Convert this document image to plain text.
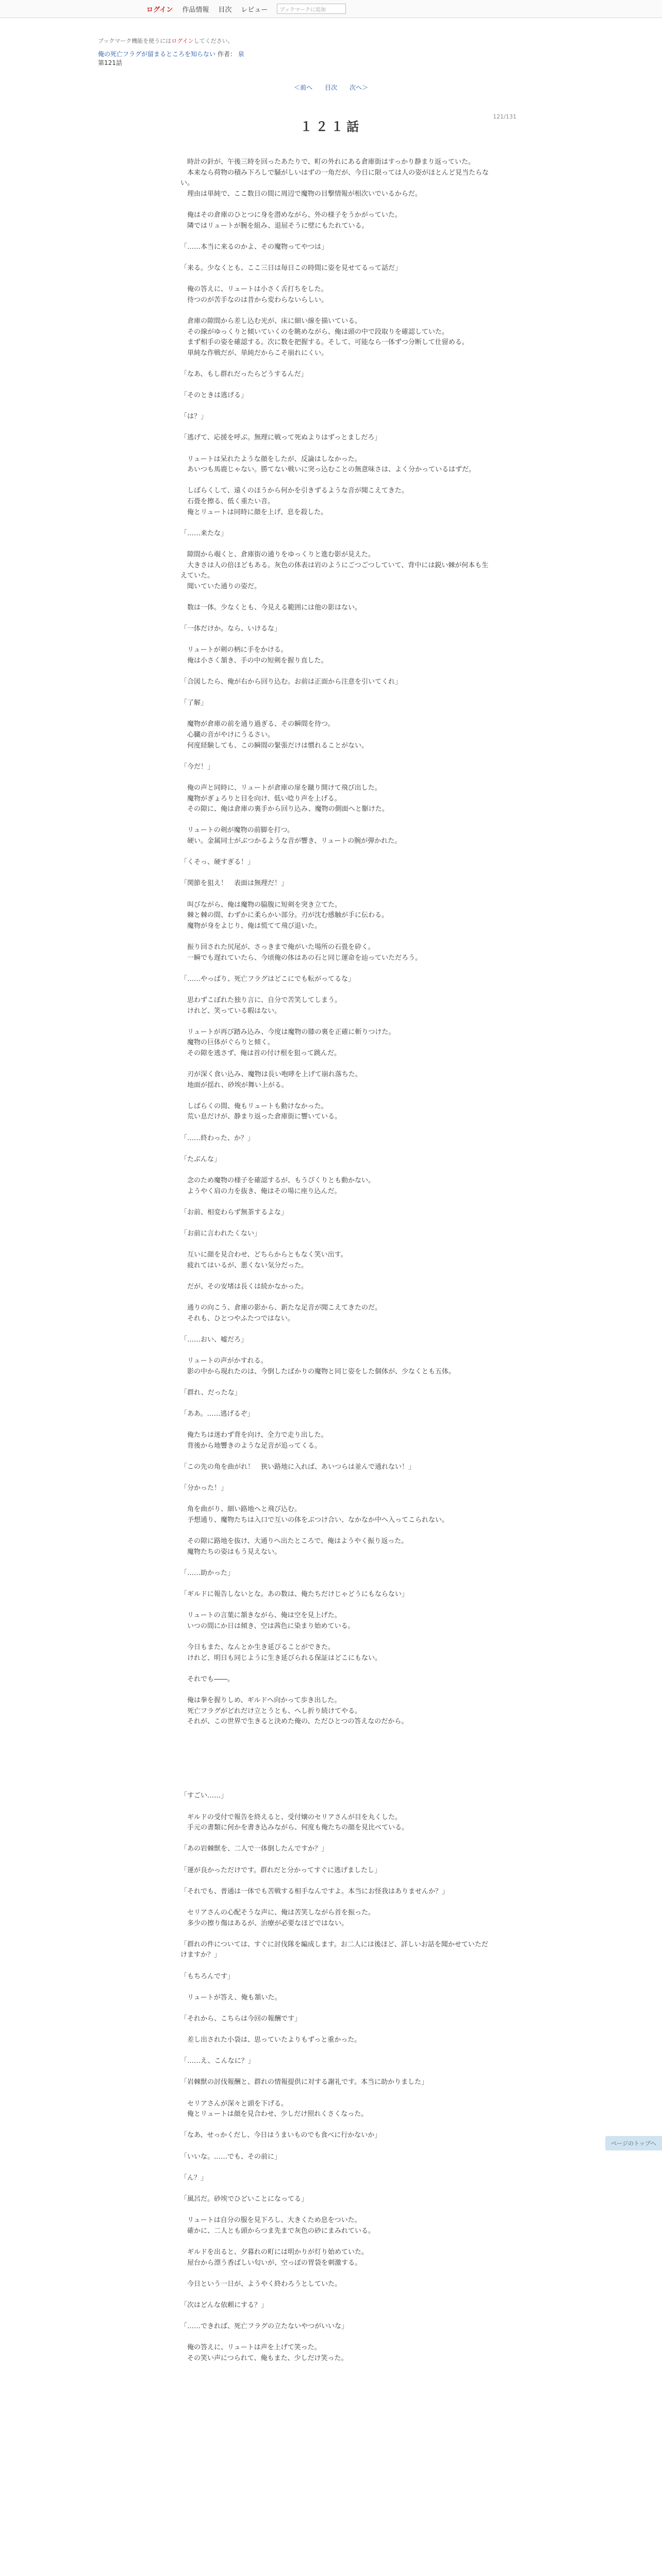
ログイン 作品情報 目次 レビュー	ブックマークに追加
ブックマーク機能を使うにはログインしてください。
俺の死亡フラグが留まるところを知らない 作者： 泉
第121話
＜前へ 目次 次へ＞
121/131
１２１話

　時計の針が、午後三時を回ったあたりで、町の外れにある倉庫街はすっかり静まり返っていた。

　本来なら荷物の積み下ろしで騒がしいはずの一角だが、今日に限っては人の姿がほとんど見当たらない。

　理由は単純で、ここ数日の間に周辺で魔物の目撃情報が相次いでいるからだ。

　俺はその倉庫のひとつに身を潜めながら、外の様子をうかがっていた。

　隣ではリュートが腕を組み、退屈そうに壁にもたれている。

「……本当に来るのかよ、その魔物ってやつは」

「来る。少なくとも、ここ三日は毎日この時間に姿を見せてるって話だ」

　俺の答えに、リュートは小さく舌打ちをした。

　待つのが苦手なのは昔から変わらないらしい。

　倉庫の隙間から差し込む光が、床に細い線を描いている。

　その線がゆっくりと傾いていくのを眺めながら、俺は頭の中で段取りを確認していた。

　まず相手の姿を確認する。次に数を把握する。そして、可能なら一体ずつ分断して仕留める。

　単純な作戦だが、単純だからこそ崩れにくい。

「なあ、もし群れだったらどうするんだ」

「そのときは逃げる」

「は？」

「逃げて、応援を呼ぶ。無理に戦って死ぬよりはずっとましだろ」

　リュートは呆れたような顔をしたが、反論はしなかった。

　あいつも馬鹿じゃない。勝てない戦いに突っ込むことの無意味さは、よく分かっているはずだ。

　しばらくして、遠くのほうから何かを引きずるような音が聞こえてきた。

　石畳を擦る、低く重たい音。

　俺とリュートは同時に顔を上げ、息を殺した。

「……来たな」

　隙間から覗くと、倉庫街の通りをゆっくりと進む影が見えた。

　大きさは人の倍ほどもある。灰色の体表は岩のようにごつごつしていて、背中には鋭い棘が何本も生えていた。

　聞いていた通りの姿だ。

　数は一体。少なくとも、今見える範囲には他の影はない。

「一体だけか。なら、いけるな」

　リュートが剣の柄に手をかける。

　俺は小さく頷き、手の中の短剣を握り直した。

「合図したら、俺が右から回り込む。お前は正面から注意を引いてくれ」

「了解」

　魔物が倉庫の前を通り過ぎる、その瞬間を待つ。

　心臓の音がやけにうるさい。

　何度経験しても、この瞬間の緊張だけは慣れることがない。

「今だ！」

　俺の声と同時に、リュートが倉庫の扉を蹴り開けて飛び出した。

　魔物がぎょろりと目を向け、低い唸り声を上げる。

　その隙に、俺は倉庫の裏手から回り込み、魔物の側面へと駆けた。

　リュートの剣が魔物の前脚を打つ。

　硬い。金属同士がぶつかるような音が響き、リュートの腕が弾かれた。

「くそっ、硬すぎる！」

「関節を狙え！　表面は無理だ！」

　叫びながら、俺は魔物の脇腹に短剣を突き立てた。

　棘と棘の間、わずかに柔らかい部分。刃が沈む感触が手に伝わる。

　魔物が身をよじり、俺は慌てて飛び退いた。

　振り回された尻尾が、さっきまで俺がいた場所の石畳を砕く。

　一瞬でも遅れていたら、今頃俺の体はあの石と同じ運命を辿っていただろう。

「……やっぱり、死亡フラグはどこにでも転がってるな」

　思わずこぼれた独り言に、自分で苦笑してしまう。

　けれど、笑っている暇はない。

　リュートが再び踏み込み、今度は魔物の膝の裏を正確に斬りつけた。

　魔物の巨体がぐらりと傾く。

　その隙を逃さず、俺は首の付け根を狙って跳んだ。

　刃が深く食い込み、魔物は長い咆哮を上げて崩れ落ちた。

　地面が揺れ、砂埃が舞い上がる。

　しばらくの間、俺もリュートも動けなかった。

　荒い息だけが、静まり返った倉庫街に響いている。

「……終わった、か？」

「たぶんな」

　念のため魔物の様子を確認するが、もうぴくりとも動かない。

　ようやく肩の力を抜き、俺はその場に座り込んだ。

「お前、相変わらず無茶するよな」

「お前に言われたくない」

　互いに顔を見合わせ、どちらからともなく笑い出す。

　疲れてはいるが、悪くない気分だった。

　だが、その安堵は長くは続かなかった。

　通りの向こう、倉庫の影から、新たな足音が聞こえてきたのだ。

　それも、ひとつやふたつではない。

「……おい、嘘だろ」

　リュートの声がかすれる。

　影の中から現れたのは、今倒したばかりの魔物と同じ姿をした個体が、少なくとも五体。

「群れ、だったな」

「ああ。……逃げるぞ」

　俺たちは迷わず背を向け、全力で走り出した。

　背後から地響きのような足音が追ってくる。

「この先の角を曲がれ！　狭い路地に入れば、あいつらは並んで通れない！」

「分かった！」

　角を曲がり、細い路地へと飛び込む。

　予想通り、魔物たちは入口で互いの体をぶつけ合い、なかなか中へ入ってこられない。

　その隙に路地を抜け、大通りへ出たところで、俺はようやく振り返った。

　魔物たちの姿はもう見えない。

「……助かった」

「ギルドに報告しないとな。あの数は、俺たちだけじゃどうにもならない」

　リュートの言葉に頷きながら、俺は空を見上げた。

　いつの間にか日は傾き、空は茜色に染まり始めている。

　今日もまた、なんとか生き延びることができた。

　けれど、明日も同じように生き延びられる保証はどこにもない。

　それでも――。

　俺は拳を握りしめ、ギルドへ向かって歩き出した。

　死亡フラグがどれだけ立とうとも、へし折り続けてやる。

　それが、この世界で生きると決めた俺の、ただひとつの答えなのだから。

「すごい……」

　ギルドの受付で報告を終えると、受付嬢のセリアさんが目を丸くした。

　手元の書類に何かを書き込みながら、何度も俺たちの顔を見比べている。

「あの岩棘獣を、二人で一体倒したんですか？」

「運が良かっただけです。群れだと分かってすぐに逃げましたし」

「それでも、普通は一体でも苦戦する相手なんですよ。本当にお怪我はありませんか？」

　セリアさんの心配そうな声に、俺は苦笑しながら首を振った。

　多少の擦り傷はあるが、治療が必要なほどではない。

「群れの件については、すぐに討伐隊を編成します。お二人には後ほど、詳しいお話を聞かせていただけますか？」

「もちろんです」

　リュートが答え、俺も頷いた。

「それから、こちらは今回の報酬です」

　差し出された小袋は、思っていたよりもずっと重かった。

「……え、こんなに？」

「岩棘獣の討伐報酬と、群れの情報提供に対する謝礼です。本当に助かりました」

　セリアさんが深々と頭を下げる。

　俺とリュートは顔を見合わせ、少しだけ照れくさくなった。

「なあ、せっかくだし、今日はうまいものでも食べに行かないか」

「いいな。……でも、その前に」

「ん？」

「風呂だ。砂埃でひどいことになってる」

　リュートは自分の服を見下ろし、大きくため息をついた。

　確かに、二人とも頭からつま先まで灰色の砂にまみれている。

　ギルドを出ると、夕暮れの町には明かりが灯り始めていた。

　屋台から漂う香ばしい匂いが、空っぽの胃袋を刺激する。

　今日という一日が、ようやく終わろうとしていた。

「次はどんな依頼にする？」

「……できれば、死亡フラグの立たないやつがいいな」

　俺の答えに、リュートは声を上げて笑った。

　その笑い声につられて、俺もまた、少しだけ笑った。

ページのトップへ
